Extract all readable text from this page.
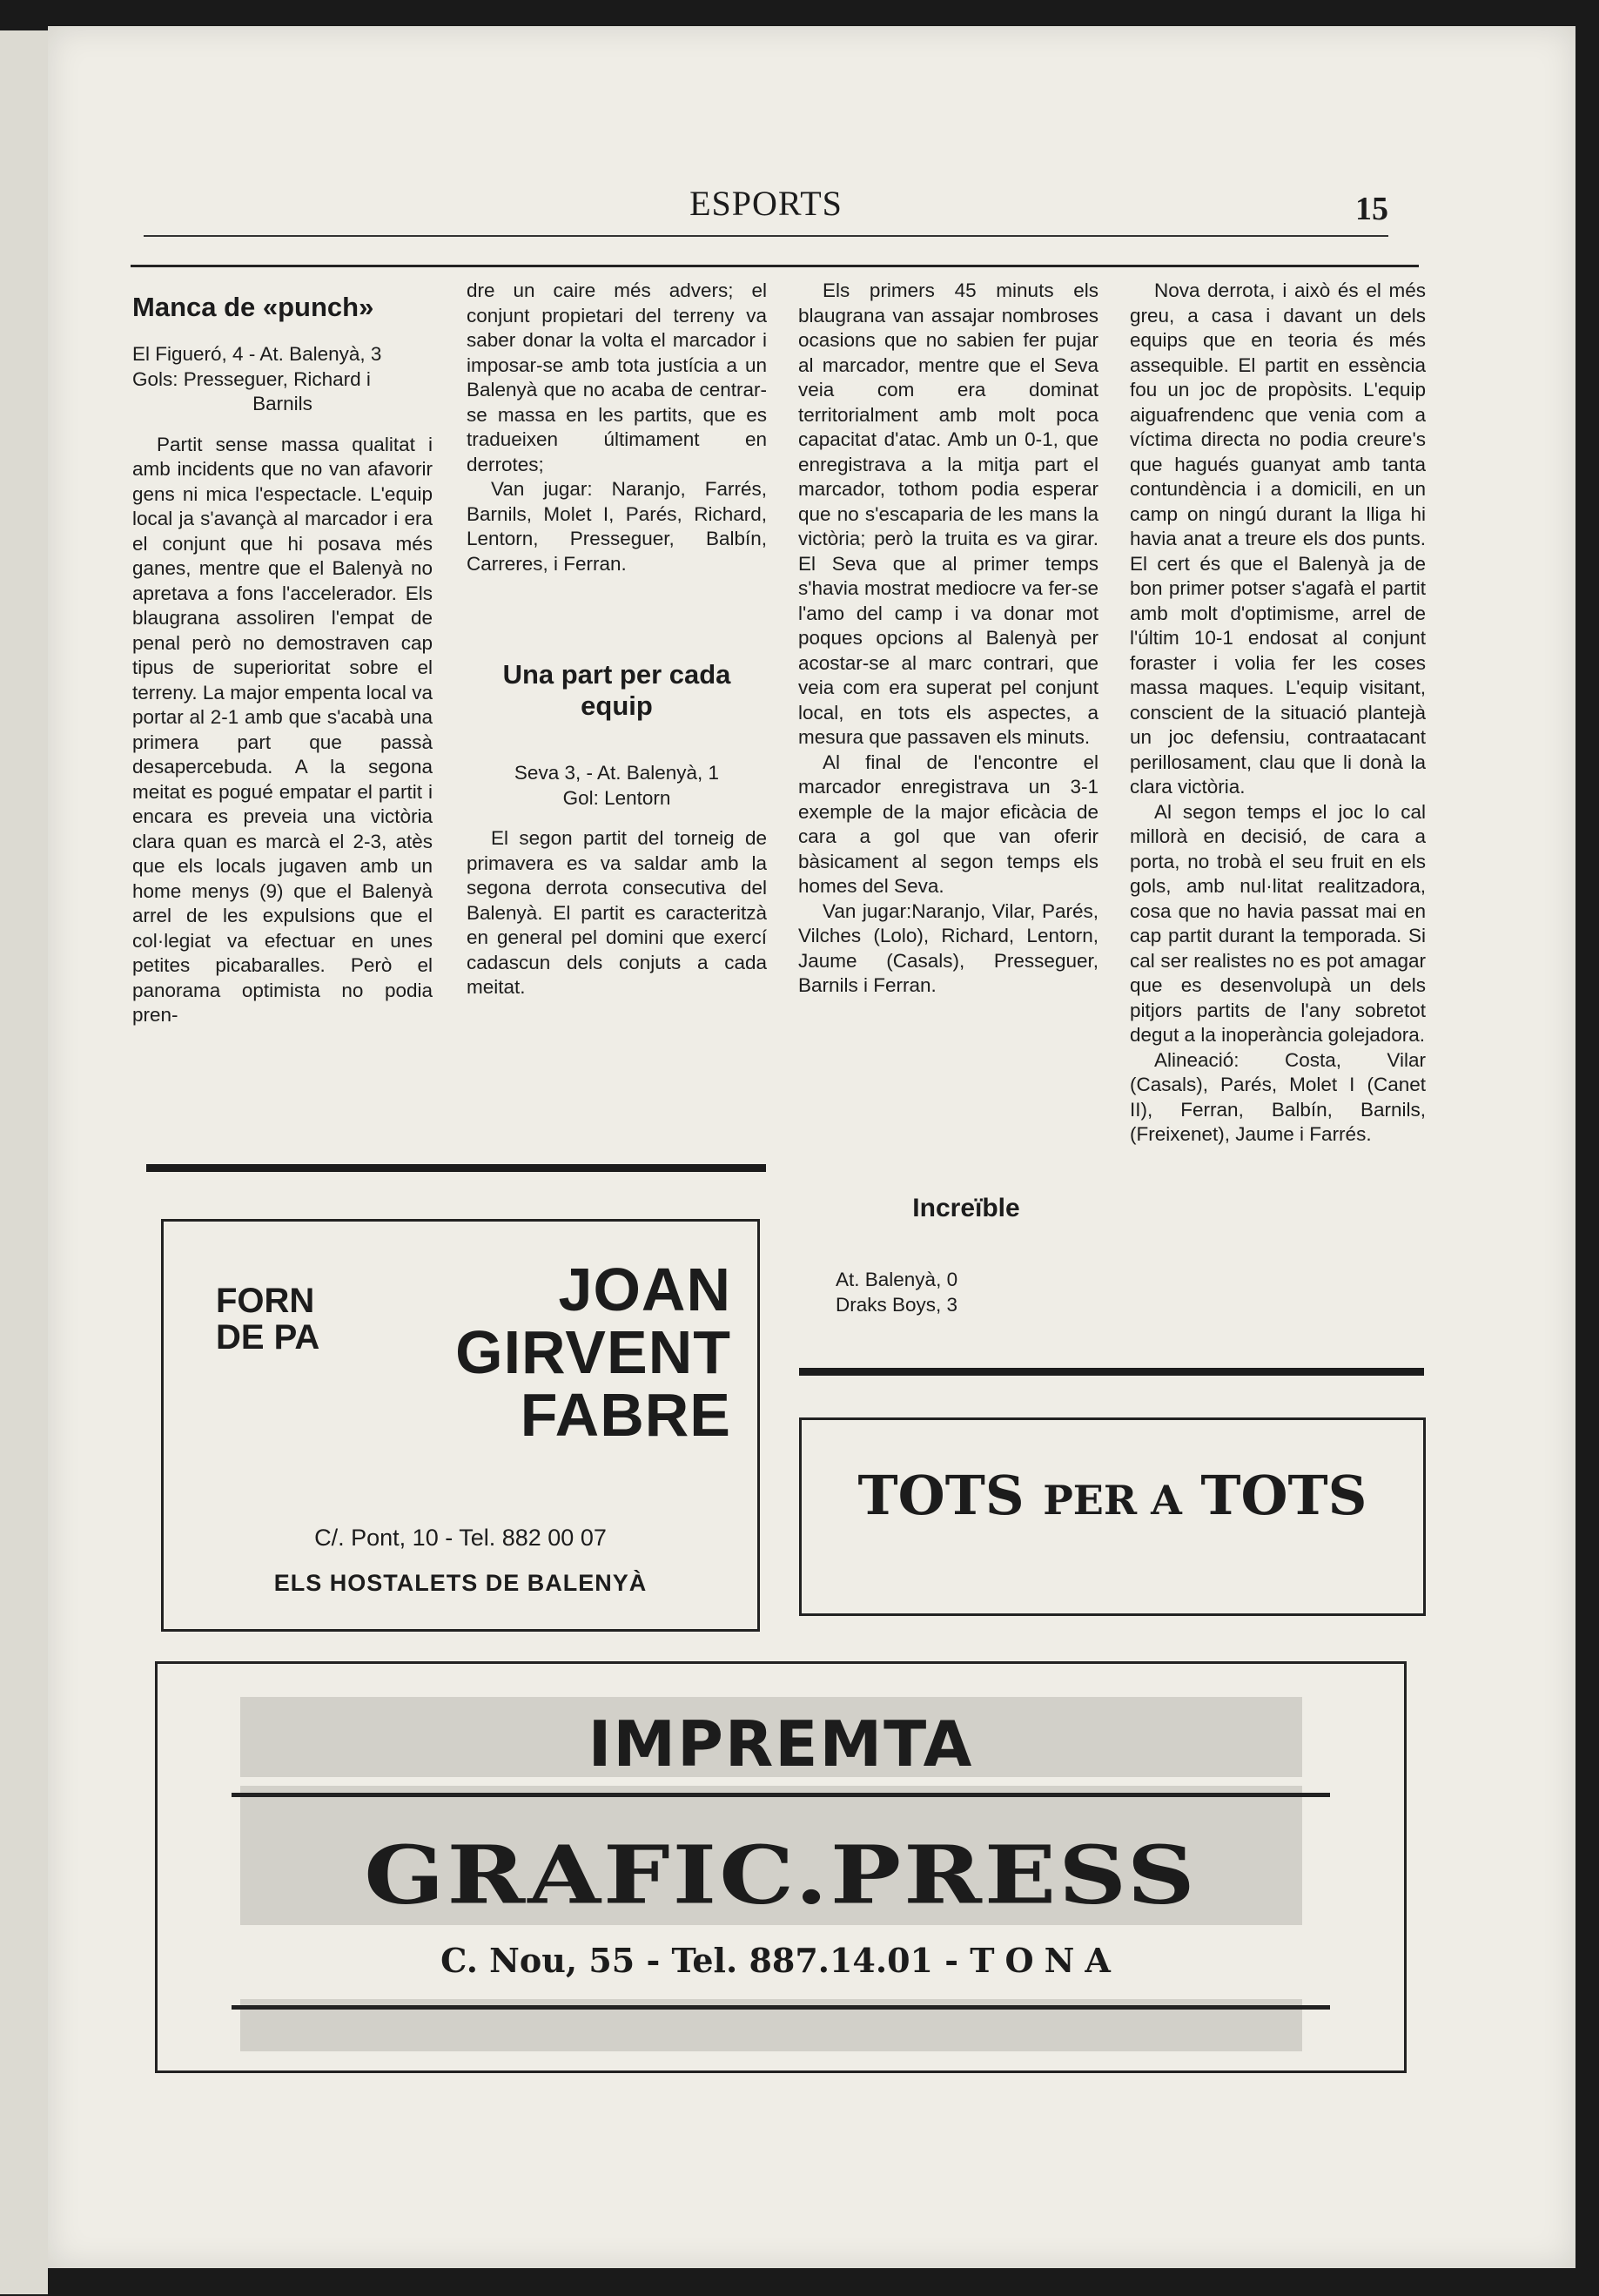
ESPORTS	15
Manca de «punch»
El Figueró, 4 - At. Balenyà, 3
Gols: Presseguer, Richard i
Barnils

Partit sense massa qualitat i amb incidents que no van afavorir gens ni mica l'espectacle. L'equip local ja s'avançà al marcador i era el conjunt que hi posava més ganes, mentre que el Balenyà no apretava a fons l'accelerador. Els blaugrana assoliren l'empat de penal però no demostraven cap tipus de superioritat sobre el terreny. La major empenta local va portar al 2-1 amb que s'acabà una primera part que passà desapercebuda. A la segona meitat es pogué empatar el partit i encara es preveia una victòria clara quan es marcà el 2-3, atès que els locals jugaven amb un home menys (9) que el Balenyà arrel de les expulsions que el col·legiat va efectuar en unes petites picabaralles. Però el panorama optimista no podia pren-

dre un caire més advers; el conjunt propietari del terreny va saber donar la volta el marcador i imposar-se amb tota justícia a un Balenyà que no acaba de centrar-se massa en les partits, que es tradueixen últimament en derrotes;

Van jugar: Naranjo, Farrés, Barnils, Molet I, Parés, Richard, Lentorn, Presseguer, Balbín, Carreres, i Ferran.

Una part per cada equip
Seva 3, - At. Balenyà, 1
Gol: Lentorn

El segon partit del torneig de primavera es va saldar amb la segona derrota consecutiva del Balenyà. El partit es caracteritzà en general pel domini que exercí cadascun dels conjuts a cada meitat.

Els primers 45 minuts els blaugrana van assajar nombroses ocasions que no sabien fer pujar al marcador, mentre que el Seva veia com era dominat territorialment amb molt poca capacitat d'atac. Amb un 0-1, que enregistrava a la mitja part el marcador, tothom podia esperar que no s'escaparia de les mans la victòria; però la truita es va girar. El Seva que al primer temps s'havia mostrat mediocre va fer-se l'amo del camp i va donar mot poques opcions al Balenyà per acostar-se al marc contrari, que veia com era superat pel conjunt local, en tots els aspectes, a mesura que passaven els minuts.

Al final de l'encontre el marcador enregistrava un 3-1 exemple de la major eficàcia de cara a gol que van oferir bàsicament al segon temps els homes del Seva.

Van jugar:Naranjo, Vilar, Parés, Vilches (Lolo), Richard, Lentorn, Jaume (Casals), Presseguer, Barnils i Ferran.

Nova derrota, i això és el més greu, a casa i davant un dels equips que en teoria és més assequible. El partit en essència fou un joc de propòsits. L'equip aiguafrendenc que venia com a víctima directa no podia creure's que hagués guanyat amb tanta contundència i a domicili, en un camp on ningú durant la lliga hi havia anat a treure els dos punts. El cert és que el Balenyà ja de bon primer potser s'agafà el partit amb molt d'optimisme, arrel de l'últim 10-1 endosat al conjunt foraster i volia fer les coses massa maques. L'equip visitant, conscient de la situació plantejà un joc defensiu, contraatacant perillosament, clau que li donà la clara victòria.

Al segon temps el joc lo cal millorà en decisió, de cara a porta, no trobà el seu fruit en els gols, amb nul·litat realitzadora, cosa que no havia passat mai en cap partit durant la temporada. Si cal ser realistes no es pot amagar que es desenvolupà un dels pitjors partits de l'any sobretot degut a la inoperància golejadora.

Alineació: Costa, Vilar (Casals), Parés, Molet I (Canet II), Ferran, Balbín, Barnils, (Freixenet), Jaume i Farrés.

Increïble
At. Balenyà, 0
Draks Boys, 3
FORN DE PA
JOAN
GIRVENT
FABRE
C/. Pont, 10 - Tel. 882 00 07
ELS HOSTALETS DE BALENYÀ
TOTS PER A TOTS
IMPREMTA
GRAFIC.PRESS
C. Nou, 55 - Tel. 887.14.01 - TONA
